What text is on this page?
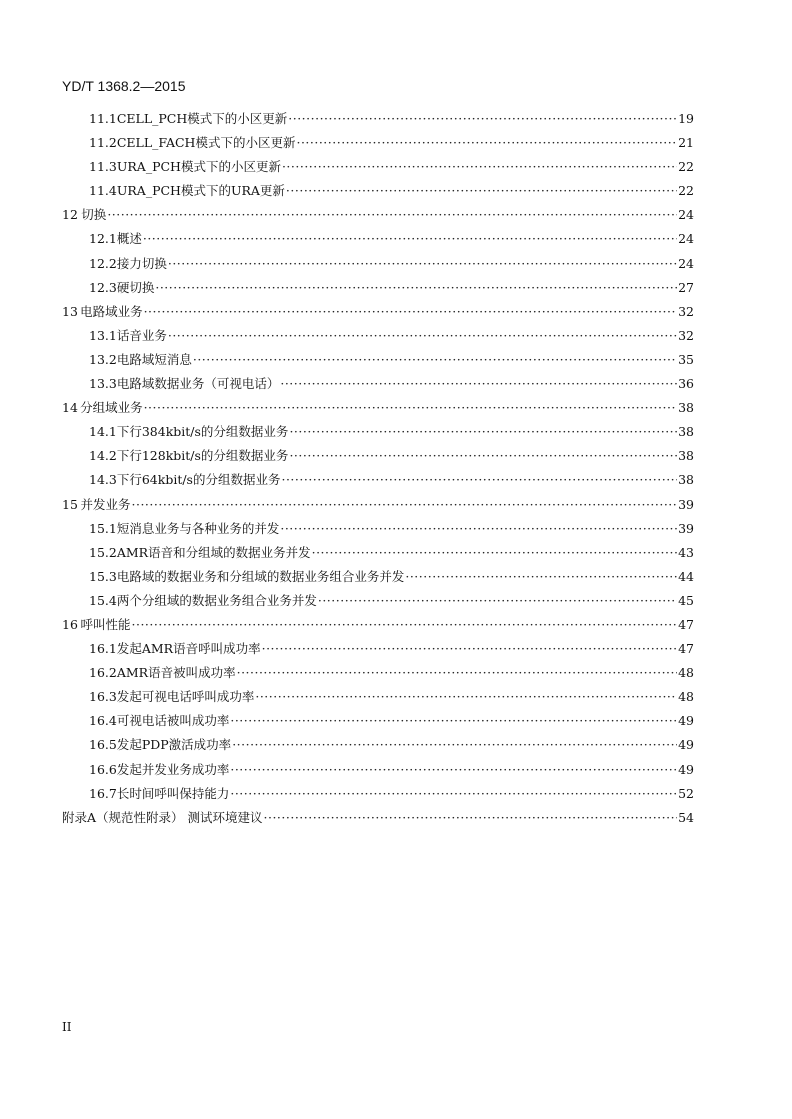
YD/T 1368.2—2015
11.1 CELL_PCH模式下的小区更新 ·····	19
11.2 CELL_FACH模式下的小区更新 ·····	21
11.3 URA_PCH模式下的小区更新 ·····	22
11.4 URA_PCH模式下的URA更新 ·····	22
12 切换 ·····	24
12.1 概述 ·····	24
12.2 接力切换 ·····	24
12.3 硬切换 ·····	27
13 电路域业务 ·····	32
13.1 话音业务 ·····	32
13.2 电路域短消息 ·····	35
13.3 电路域数据业务（可视电话） ·····	36
14 分组域业务 ·····	38
14.1 下行384kbit/s的分组数据业务 ·····	38
14.2 下行128kbit/s的分组数据业务 ·····	38
14.3 下行64kbit/s的分组数据业务 ·····	38
15 并发业务 ·····	39
15.1 短消息业务与各种业务的并发 ·····	39
15.2 AMR语音和分组域的数据业务并发 ·····	43
15.3 电路域的数据业务和分组域的数据业务组合业务并发 ·····	44
15.4 两个分组域的数据业务组合业务并发 ·····	45
16 呼叫性能 ·····	47
16.1 发起AMR语音呼叫成功率 ·····	47
16.2 AMR语音被叫成功率 ·····	48
16.3 发起可视电话呼叫成功率 ·····	48
16.4 可视电话被叫成功率 ·····	49
16.5 发起PDP激活成功率 ·····	49
16.6 发起并发业务成功率 ·····	49
16.7 长时间呼叫保持能力 ·····	52
附录A（规范性附录） 测试环境建议 ·····	54
II
